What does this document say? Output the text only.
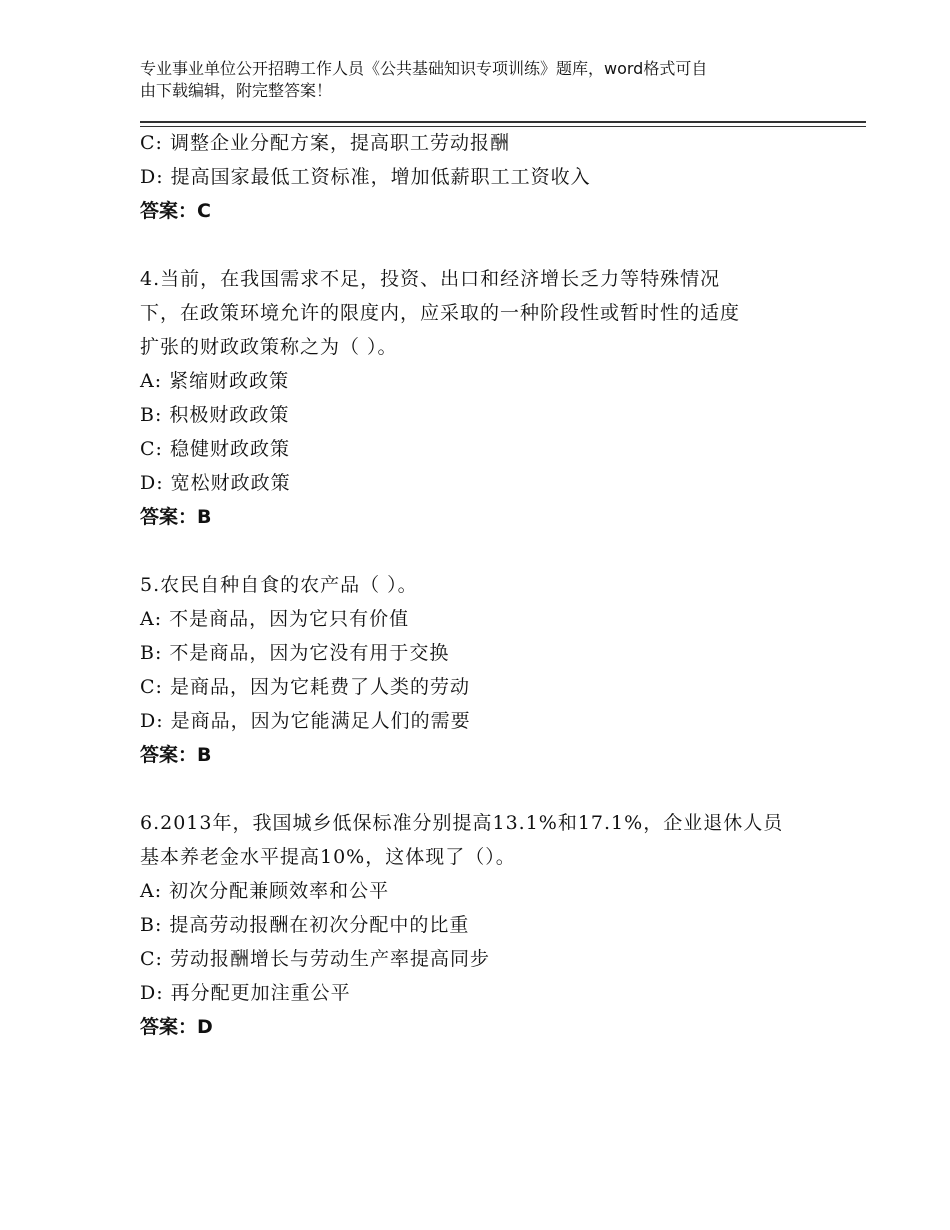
专业事业单位公开招聘工作人员《公共基础知识专项训练》题库，word格式可自
由下载编辑，附完整答案！
C: 调整企业分配方案，提高职工劳动报酬
D: 提高国家最低工资标准，增加低薪职工工资收入
答案：C
4.当前，在我国需求不足，投资、出口和经济增长乏力等特殊情况
下，在政策环境允许的限度内，应采取的一种阶段性或暂时性的适度
扩张的财政政策称之为（ ）。
A: 紧缩财政政策
B: 积极财政政策
C: 稳健财政政策
D: 宽松财政政策
答案：B
5.农民自种自食的农产品（ ）。
A: 不是商品，因为它只有价值
B: 不是商品，因为它没有用于交换
C: 是商品，因为它耗费了人类的劳动
D: 是商品，因为它能满足人们的需要
答案：B
6.2013年，我国城乡低保标准分别提高13.1%和17.1%，企业退休人员
基本养老金水平提高10%，这体现了（）。
A: 初次分配兼顾效率和公平
B: 提高劳动报酬在初次分配中的比重
C: 劳动报酬增长与劳动生产率提高同步
D: 再分配更加注重公平
答案：D
